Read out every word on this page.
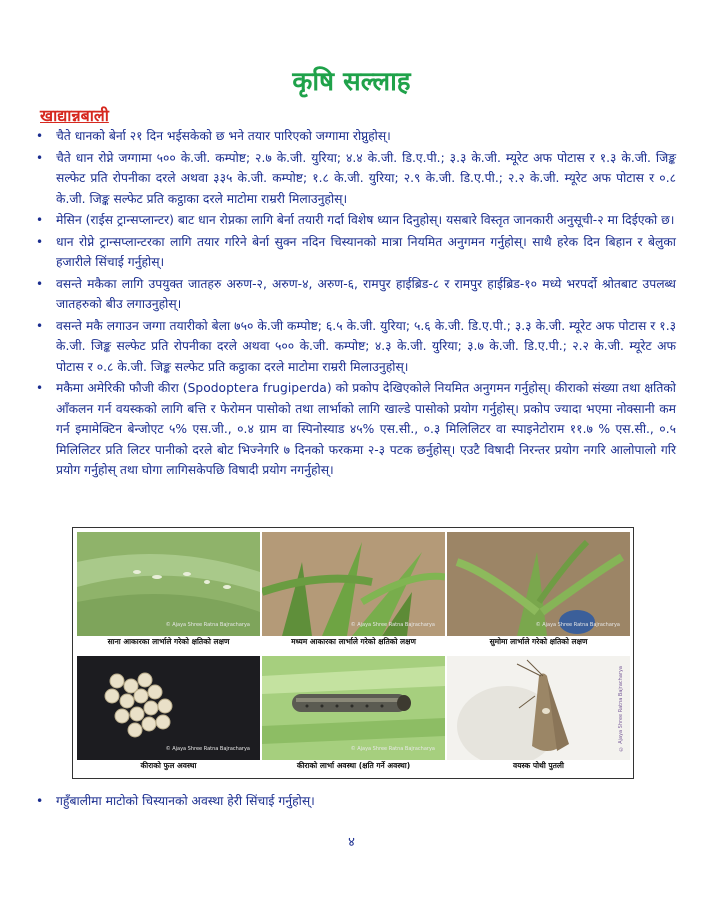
कृषि सल्लाह
खाद्यान्नबाली
• चैते धानको बेर्ना २१ दिन भईसकेको छ भने तयार पारिएको जग्गामा रोप्नुहोस्।
• चैते धान रोप्ने जग्गामा ५०० के.जी. कम्पोष्ट; २.७ के.जी. युरिया; ४.४ के.जी. डि.ए.पी.; ३.३ के.जी. म्यूरेट अफ पोटास र १.३ के.जी. जिङ्क सल्फेट प्रति रोपनीका दरले अथवा ३३५ के.जी. कम्पोष्ट; १.८ के.जी. युरिया; २.९ के.जी. डि.ए.पी.; २.२ के.जी. म्यूरेट अफ पोटास र ०.८ के.जी. जिङ्क सल्फेट प्रति कट्ठाका दरले माटोमा राम्ररी मिलाउनुहोस्।
• मेसिन (राईस ट्रान्सप्लान्टर) बाट धान रोप्नका लागि बेर्ना तयारी गर्दा विशेष ध्यान दिनुहोस्। यसबारे विस्तृत जानकारी अनुसूची-२ मा दिईएको छ।
• धान रोप्ने ट्रान्सप्लान्टरका लागि तयार गरिने बेर्ना सुक्न नदिन चिस्यानको मात्रा नियमित अनुगमन गर्नुहोस्। साथै हरेक दिन बिहान र बेलुका हजारीले सिंचाई गर्नुहोस्।
• वसन्ते मकैका लागि उपयुक्त जातहरु अरुण-२, अरुण-४, अरुण-६, रामपुर हाईब्रिड-८ र रामपुर हाईब्रिड-१० मध्ये भरपर्दो श्रोतबाट उपलब्ध जातहरुको बीउ लगाउनुहोस्।
• वसन्ते मकै लगाउन जग्गा तयारीको बेला ७५० के.जी कम्पोष्ट; ६.५ के.जी. युरिया; ५.६ के.जी. डि.ए.पी.; ३.३ के.जी. म्यूरेट अफ पोटास र १.३ के.जी. जिङ्क सल्फेट प्रति रोपनीका दरले अथवा ५०० के.जी. कम्पोष्ट; ४.३ के.जी. युरिया; ३.७ के.जी. डि.ए.पी.; २.२ के.जी. म्यूरेट अफ पोटास र ०.८ के.जी. जिङ्क सल्फेट प्रति कट्ठाका दरले माटोमा राम्ररी मिलाउनुहोस्।
• मकैमा अमेरिकी फौजी कीरा (Spodoptera frugiperda) को प्रकोप देखिएकोले नियमित अनुगमन गर्नुहोस्। कीराको संख्या तथा क्षतिको आँकलन गर्न वयस्कको लागि बत्ति र फेरोमन पासोको तथा लार्भाको लागि खाल्डे पासोको प्रयोग गर्नुहोस्। प्रकोप ज्यादा भएमा नोक्सानी कम गर्न इमामेक्टिन बेन्जोएट ५% एस.जी., ०.४ ग्राम वा स्पिनोस्याड ४५% एस.सी., ०.३ मिलिलिटर वा स्पाइनेटोराम ११.७ % एस.सी., ०.५ मिलिलिटर प्रति लिटर पानीको दरले बोट भिज्नेगरि ७ दिनको फरकमा २-३ पटक छर्नुहोस्। एउटै विषादी निरन्तर प्रयोग नगरि आलोपालो गरि प्रयोग गर्नुहोस् तथा घोगा लागिसकेपछि विषादी प्रयोग नगर्नुहोस्।
© Ajaya Shree Ratna Bajracharya
साना आकारका लार्भाले गरेको क्षतिको लक्षण
© Ajaya Shree Ratna Bajracharya
मध्यम आकारका लार्भाले गरेको क्षतिको लक्षण
© Ajaya Shree Ratna Bajracharya
सुमोमा लार्भाले गरेको क्षतिको लक्षण
© Ajaya Shree Ratna Bajracharya
कीराको फुल अवस्था
© Ajaya Shree Ratna Bajracharya
कीराको लार्भा अवस्था (क्षति गर्ने अवस्था)
© Ajaya Shree Ratna Bajracharya
वयस्क पोथी पुतली
• गहुँबालीमा माटोको चिस्यानको अवस्था हेरी सिंचाई गर्नुहोस्।
४
